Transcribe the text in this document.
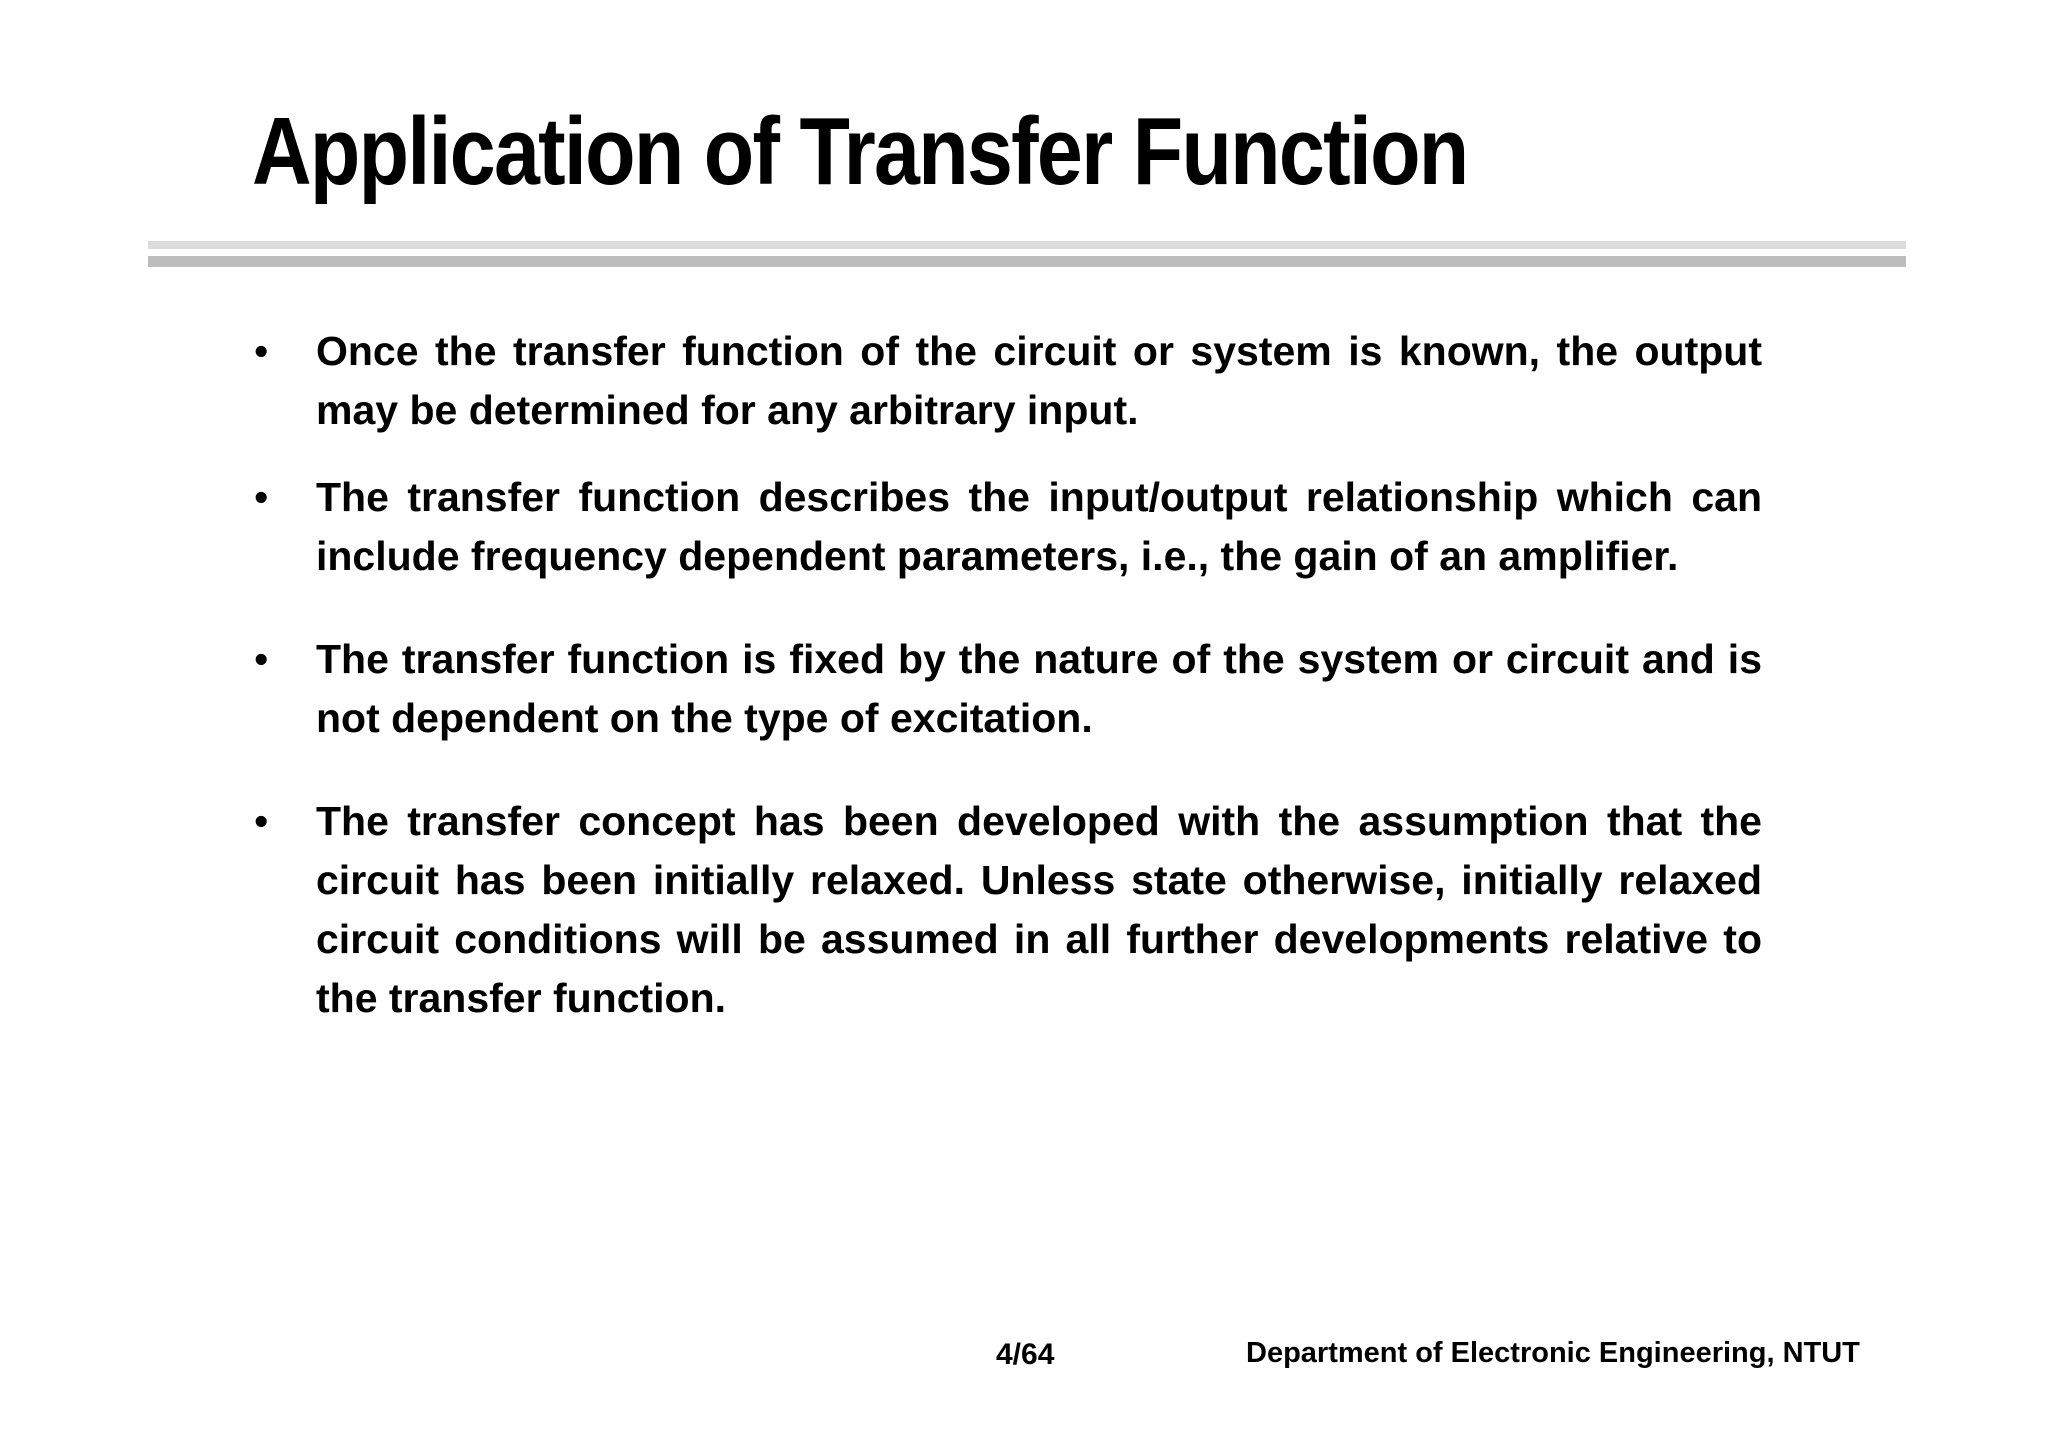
Application of Transfer Function
• Once the transfer function of the circuit or system is known, the output may be determined for any arbitrary input.
• The transfer function describes the input/output relationship which can include frequency dependent parameters, i.e., the gain of an amplifier.
• The transfer function is fixed by the nature of the system or circuit and is not dependent on the type of excitation.
• The transfer concept has been developed with the assumption that the circuit has been initially relaxed. Unless state otherwise, initially relaxed circuit conditions will be assumed in all further developments relative to the transfer function.
4/64	Department of Electronic Engineering, NTUT
